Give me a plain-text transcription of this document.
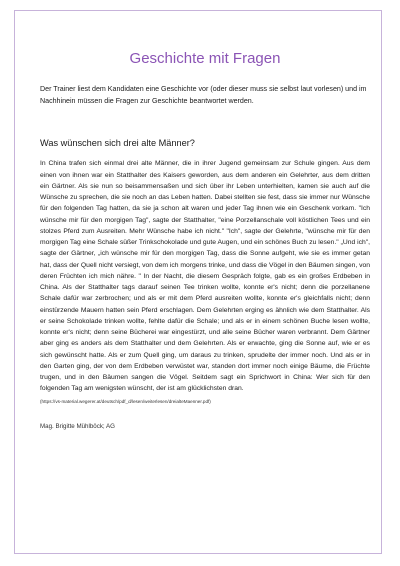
Geschichte mit Fragen

Der Trainer liest dem Kandidaten eine Geschichte vor (oder dieser muss sie selbst laut vorlesen) und im Nachhinein müssen die Fragen zur Geschichte beantwortet werden.

Was wünschen sich drei alte Männer?

In China trafen sich einmal drei alte Männer, die in ihrer Jugend gemeinsam zur Schule gingen. Aus dem einen von ihnen war ein Statthalter des Kaisers geworden, aus dem anderen ein Gelehrter, aus dem dritten ein Gärtner. Als sie nun so beisammensaßen und sich über ihr Leben unterhielten, kamen sie auch auf die Wünsche zu sprechen, die sie noch an das Leben hatten. Dabei stellten sie fest, dass sie immer nur Wünsche für den folgenden Tag hatten, da sie ja schon alt waren und jeder Tag ihnen wie ein Geschenk vorkam. "Ich wünsche mir für den morgigen Tag", sagte der Statthalter, "eine Porzellanschale voll köstlichen Tees und ein stolzes Pferd zum Ausreiten. Mehr Wünsche habe ich nicht." "Ich", sagte der Gelehrte, "wünsche mir für den morgigen Tag eine Schale süßer Trinkschokolade und gute Augen, und ein schönes Buch zu lesen." „Und ich", sagte der Gärtner, „ich wünsche mir für den morgigen Tag, dass die Sonne aufgeht, wie sie es immer getan hat, dass der Quell nicht versiegt, von dem ich morgens trinke, und dass die Vögel in den Bäumen singen, von deren Früchten ich mich nähre. " In der Nacht, die diesem Gespräch folgte, gab es ein großes Erdbeben in China. Als der Statthalter tags darauf seinen Tee trinken wollte, konnte er's nicht; denn die porzellanene Schale dafür war zerbrochen; und als er mit dem Pferd ausreiten wollte, konnte er's gleichfalls nicht; denn einstürzende Mauern hatten sein Pferd erschlagen. Dem Gelehrten erging es ähnlich wie dem Statthalter. Als er seine Schokolade trinken wollte, fehlte dafür die Schale; und als er in einem schönen Buche lesen wollte, konnte er's nicht; denn seine Bücherei war eingestürzt, und alle seine Bücher waren verbrannt. Dem Gärtner aber ging es anders als dem Statthalter und dem Gelehrten. Als er erwachte, ging die Sonne auf, wie er es sich gewünscht hatte. Als er zum Quell ging, um daraus zu trinken, sprudelte der immer noch. Und als er in den Garten ging, der von dem Erdbeben verwüstet war, standen dort immer noch einige Bäume, die Früchte trugen, und in den Bäumen sangen die Vögel. Seitdem sagt ein Sprichwort in China: Wer sich für den folgenden Tag am wenigsten wünscht, der ist am glücklichsten dran.

(https://vs-material.wegerer.at/deutsch/pdf_d/lesen/weiterlesen/dreialteMaenner.pdf)

Mag. Brigitte Mühlböck; AG
